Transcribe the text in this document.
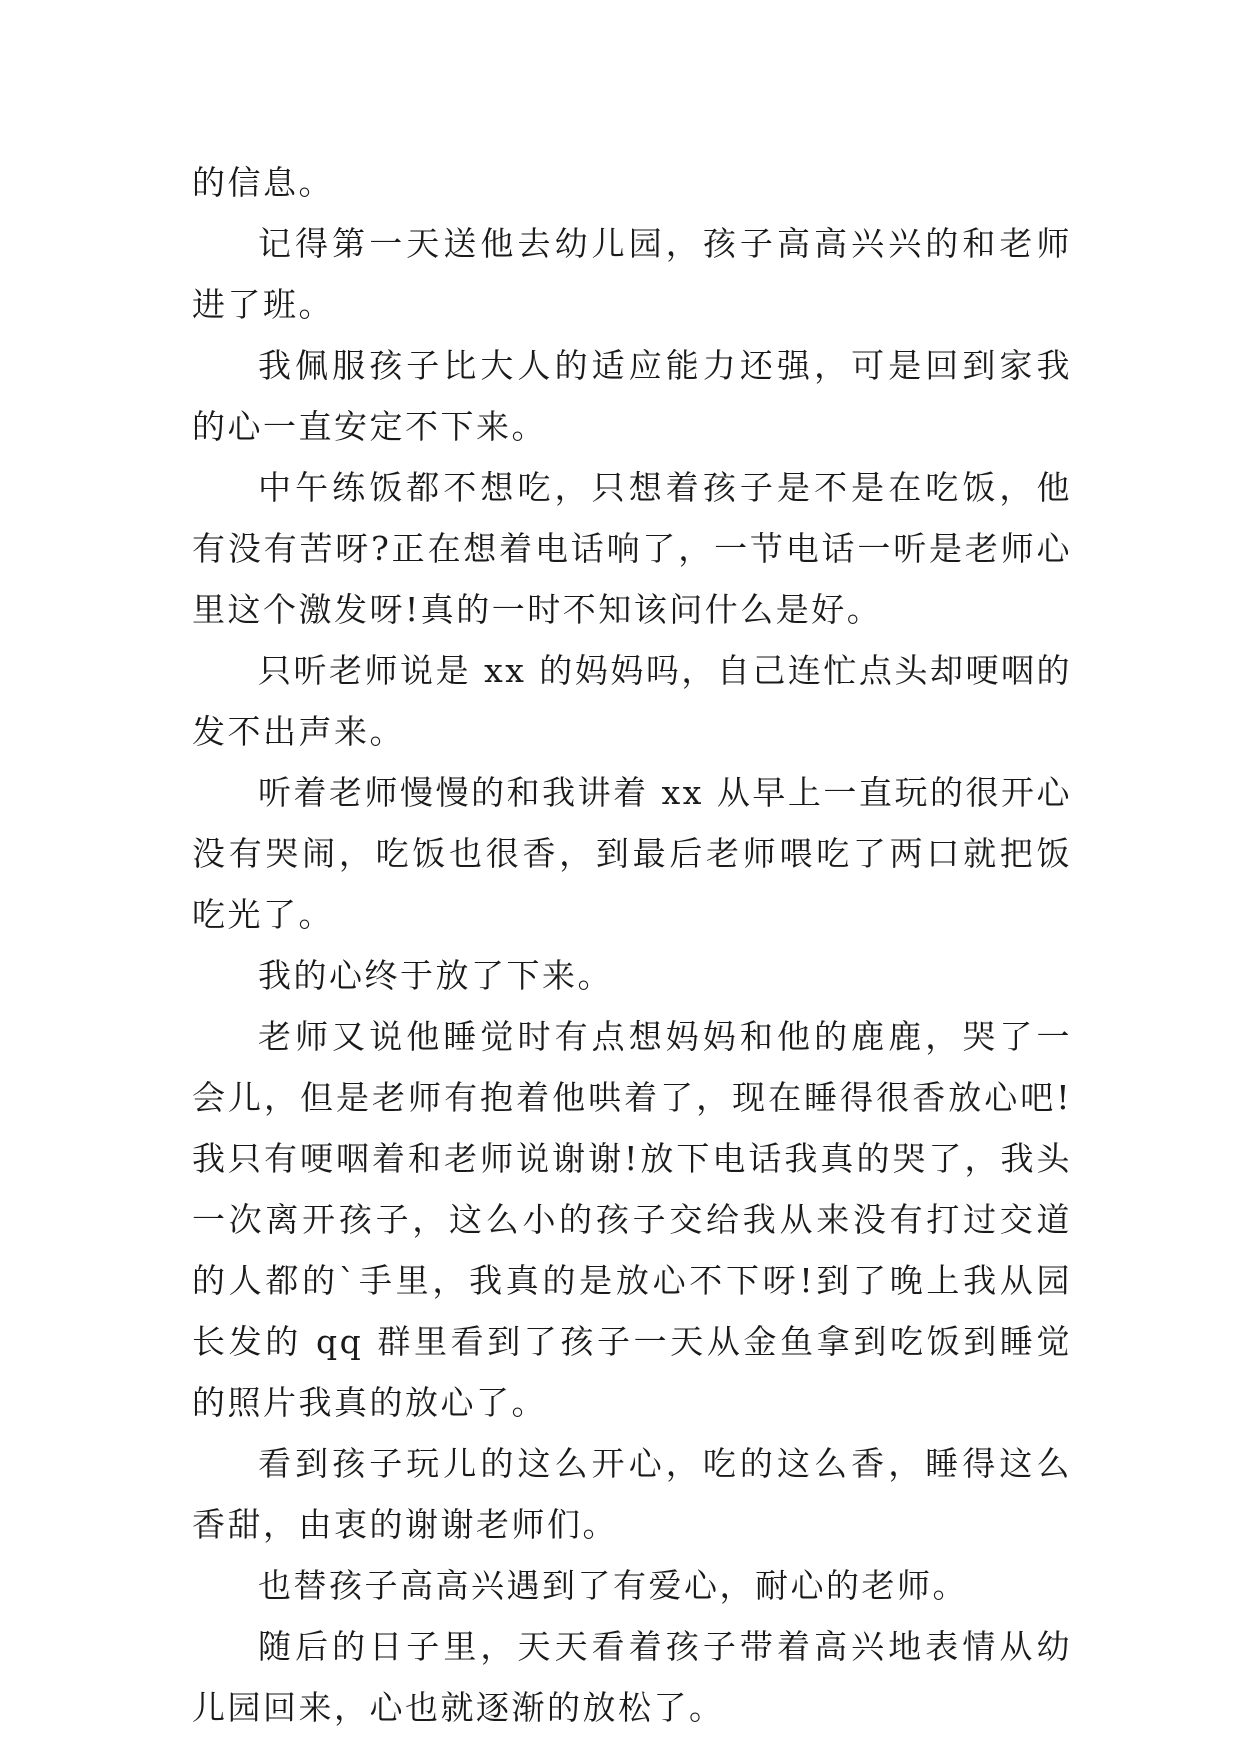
的信息。

记得第一天送他去幼儿园，孩子高高兴兴的和老师进了班。

我佩服孩子比大人的适应能力还强，可是回到家我的心一直安定不下来。

中午练饭都不想吃，只想着孩子是不是在吃饭，他有没有苦呀?正在想着电话响了，一节电话一听是老师心里这个激发呀!真的一时不知该问什么是好。

只听老师说是 xx 的妈妈吗，自己连忙点头却哽咽的发不出声来。

听着老师慢慢的和我讲着 xx 从早上一直玩的很开心没有哭闹，吃饭也很香，到最后老师喂吃了两口就把饭吃光了。

我的心终于放了下来。

老师又说他睡觉时有点想妈妈和他的鹿鹿，哭了一会儿，但是老师有抱着他哄着了，现在睡得很香放心吧!我只有哽咽着和老师说谢谢!放下电话我真的哭了，我头一次离开孩子，这么小的孩子交给我从来没有打过交道的人都的`手里，我真的是放心不下呀!到了晚上我从园长发的 qq 群里看到了孩子一天从金鱼拿到吃饭到睡觉的照片我真的放心了。

看到孩子玩儿的这么开心，吃的这么香，睡得这么香甜，由衷的谢谢老师们。

也替孩子高高兴遇到了有爱心，耐心的老师。

随后的日子里，天天看着孩子带着高兴地表情从幼儿园回来，心也就逐渐的放松了。
